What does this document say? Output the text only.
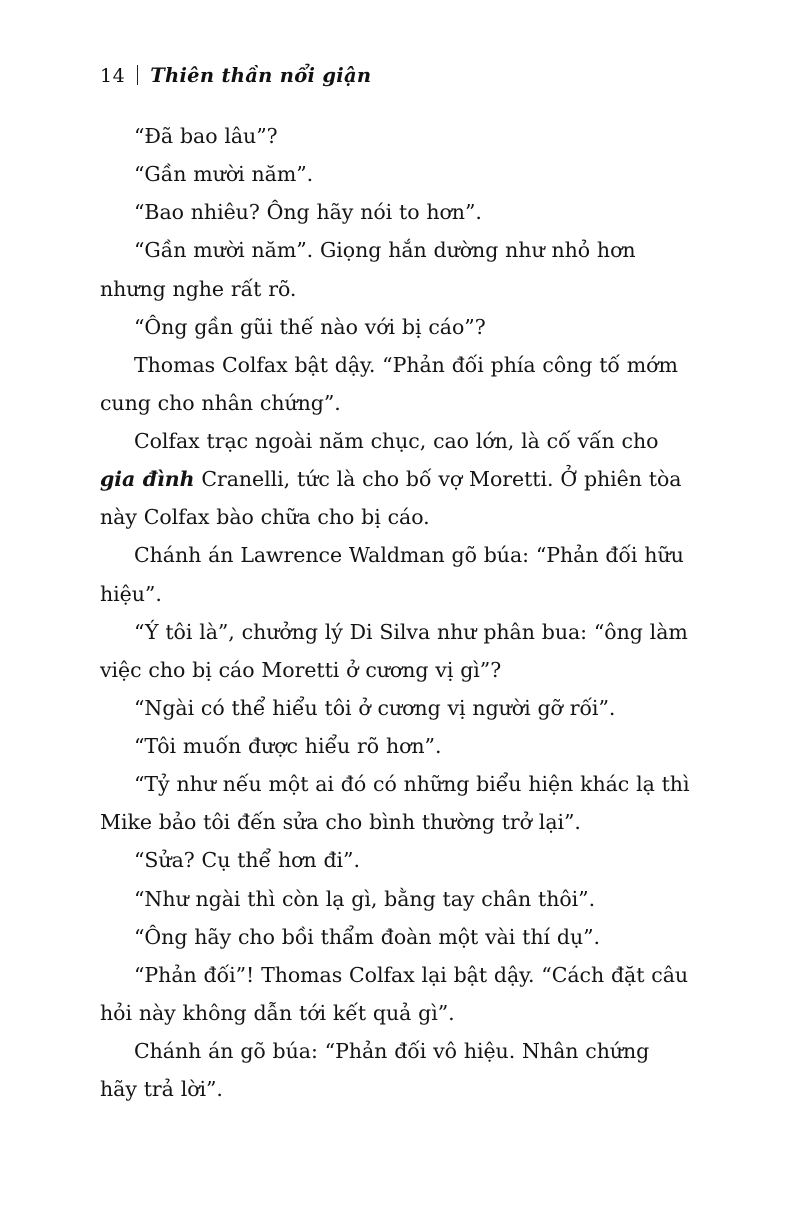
14 Thiên thần nổi giận

“Đã bao lâu”?

“Gần mười năm”.

“Bao nhiêu? Ông hãy nói to hơn”.

“Gần mười năm”. Giọng hắn dường như nhỏ hơn nhưng nghe rất rõ.

“Ông gần gũi thế nào với bị cáo”?

Thomas Colfax bật dậy. “Phản đối phía công tố mớm cung cho nhân chứng”.

Colfax trạc ngoài năm chục, cao lớn, là cố vấn cho gia đình Cranelli, tức là cho bố vợ Moretti. Ở phiên tòa này Colfax bào chữa cho bị cáo.

Chánh án Lawrence Waldman gõ búa: “Phản đối hữu hiệu”.

“Ý tôi là”, chưởng lý Di Silva như phân bua: “ông làm việc cho bị cáo Moretti ở cương vị gì”?

“Ngài có thể hiểu tôi ở cương vị người gỡ rối”.

“Tôi muốn được hiểu rõ hơn”.

“Tỷ như nếu một ai đó có những biểu hiện khác lạ thì Mike bảo tôi đến sửa cho bình thường trở lại”.

“Sửa? Cụ thể hơn đi”.

“Như ngài thì còn lạ gì, bằng tay chân thôi”.

“Ông hãy cho bồi thẩm đoàn một vài thí dụ”.

“Phản đối”! Thomas Colfax lại bật dậy. “Cách đặt câu hỏi này không dẫn tới kết quả gì”.

Chánh án gõ búa: “Phản đối vô hiệu. Nhân chứng hãy trả lời”.
